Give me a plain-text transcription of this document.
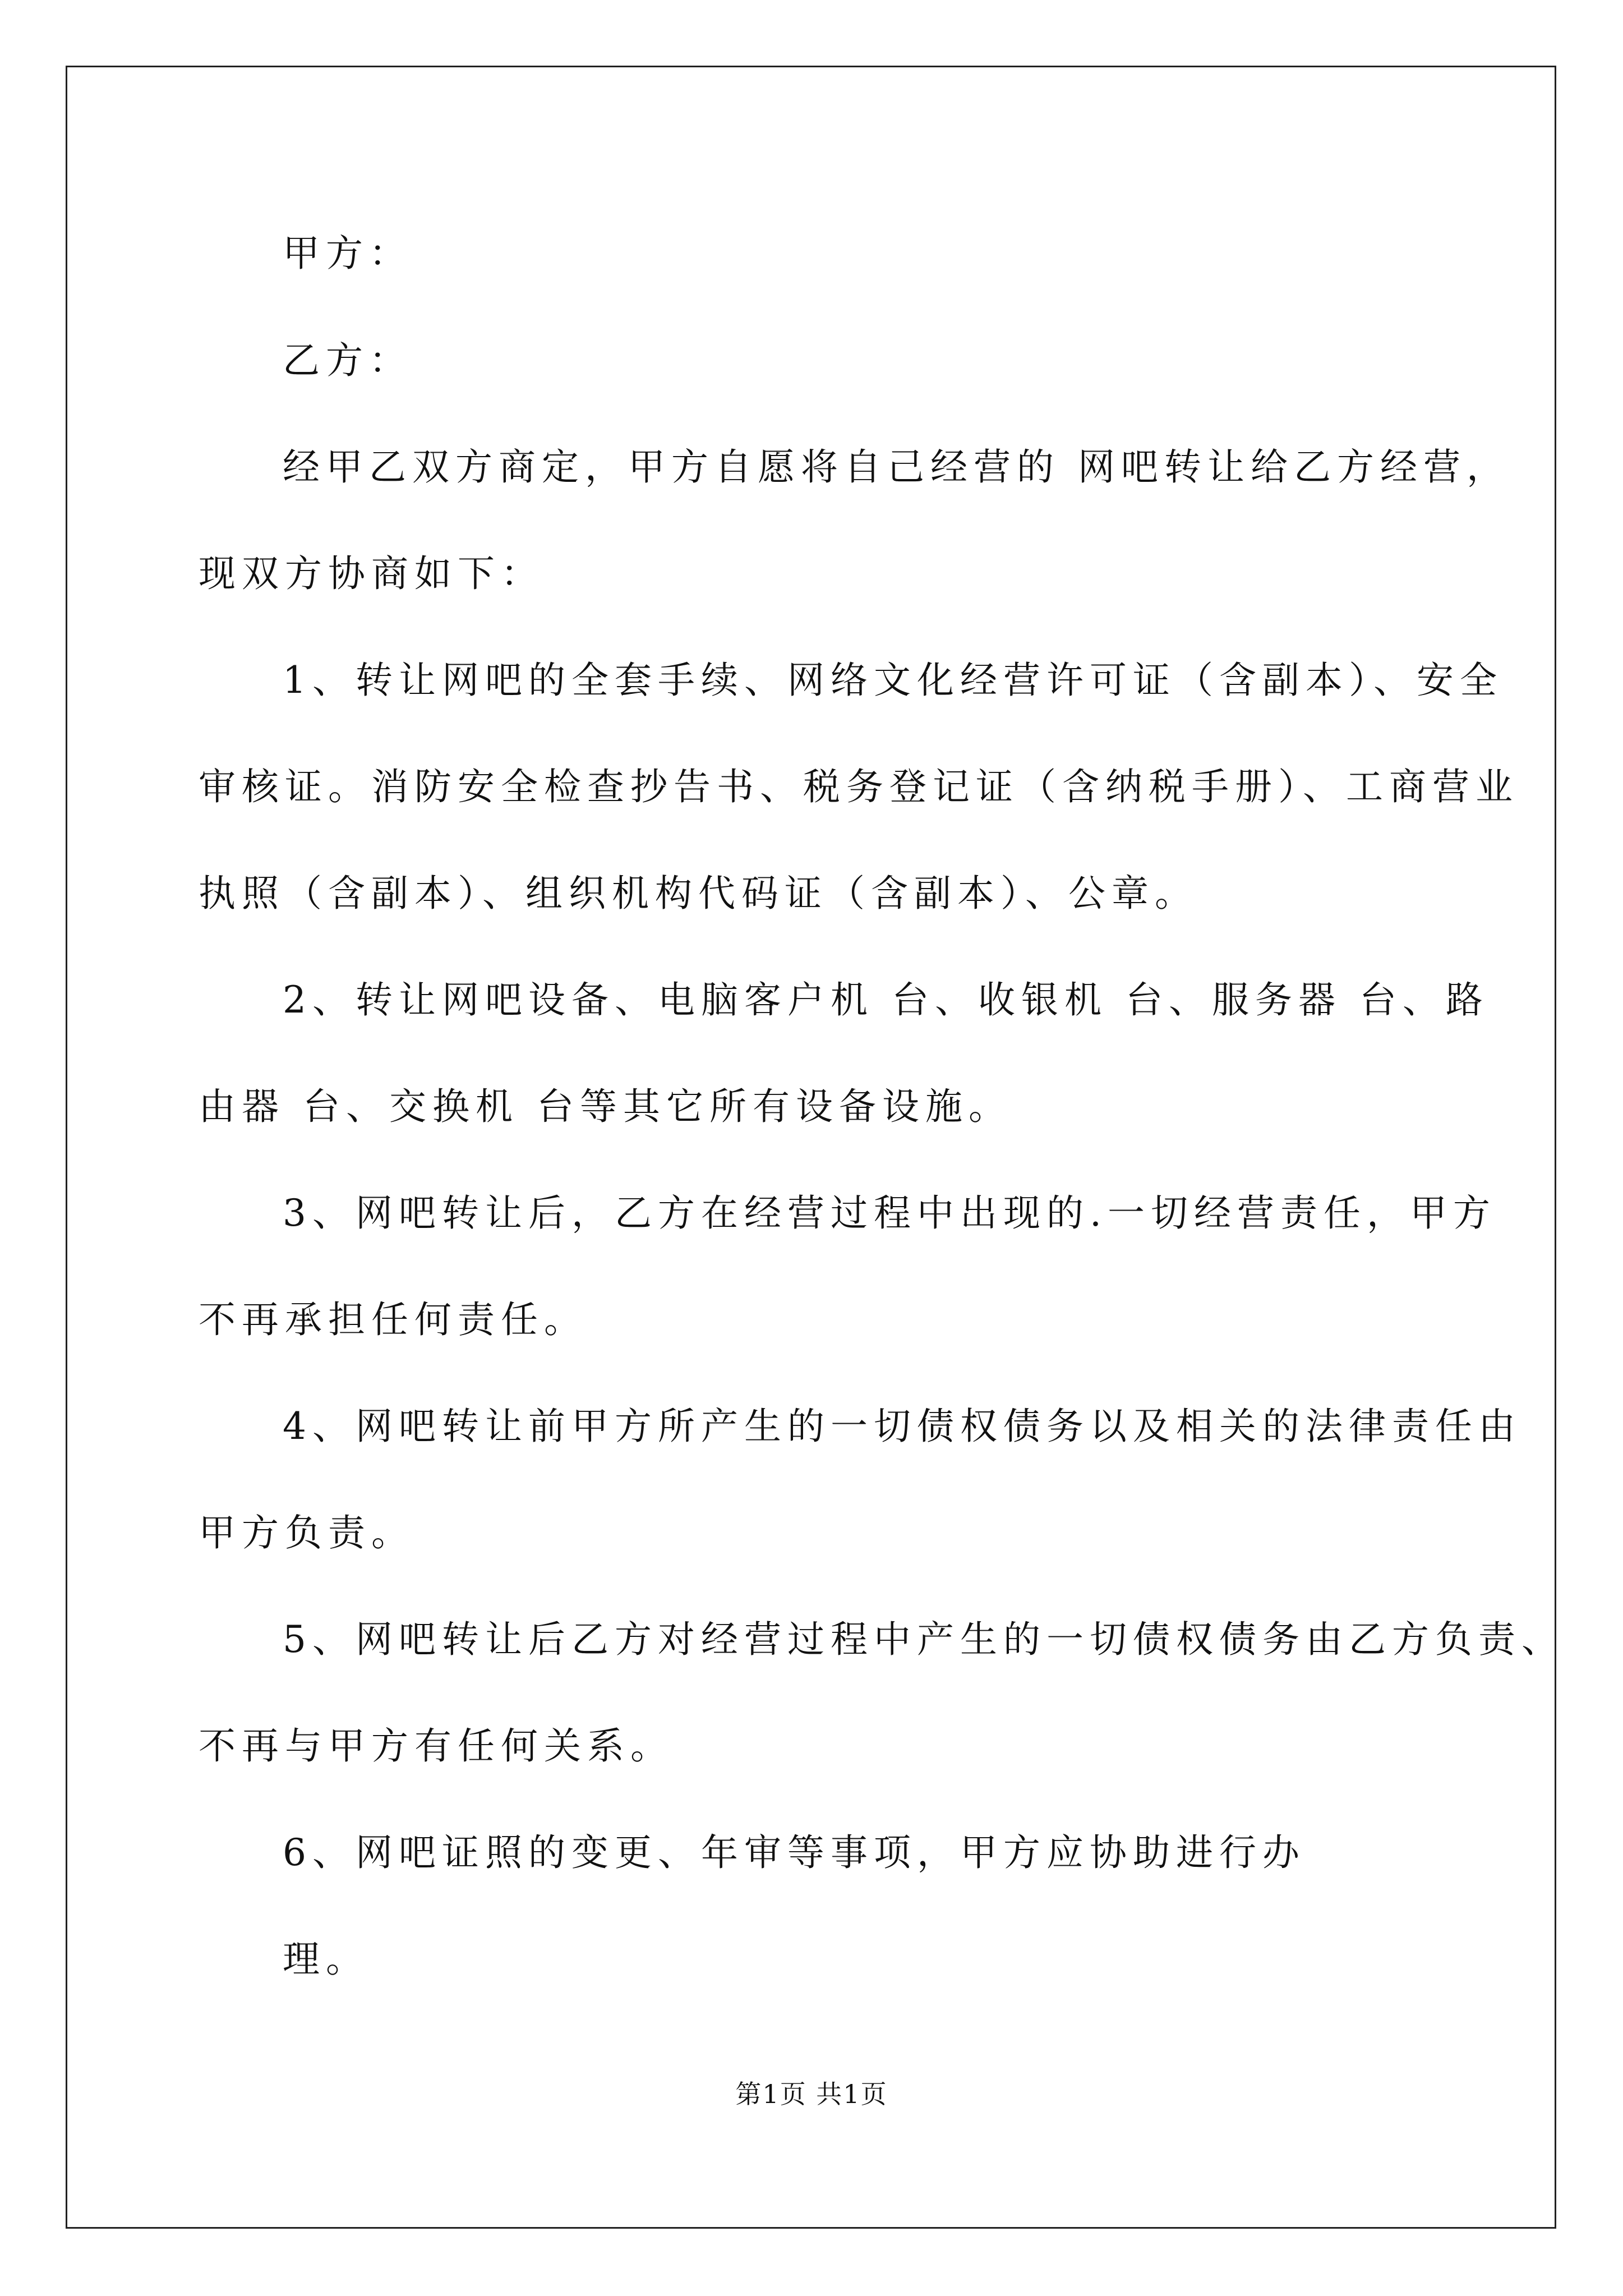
甲方：
乙方：
经甲乙双方商定，甲方自愿将自己经营的 网吧转让给乙方经营，
现双方协商如下：
1、转让网吧的全套手续、网络文化经营许可证（含副本）、安全
审核证。消防安全检查抄告书、税务登记证（含纳税手册）、工商营业
执照（含副本）、组织机构代码证（含副本）、公章。
2、转让网吧设备、电脑客户机 台、收银机 台、服务器 台、路
由器 台、交换机 台等其它所有设备设施。
3、网吧转让后，乙方在经营过程中出现的.一切经营责任，甲方
不再承担任何责任。
4、网吧转让前甲方所产生的一切债权债务以及相关的法律责任由
甲方负责。
5、网吧转让后乙方对经营过程中产生的一切债权债务由乙方负责、
不再与甲方有任何关系。
6、网吧证照的变更、年审等事项，甲方应协助进行办
理。
第1页 共1页
